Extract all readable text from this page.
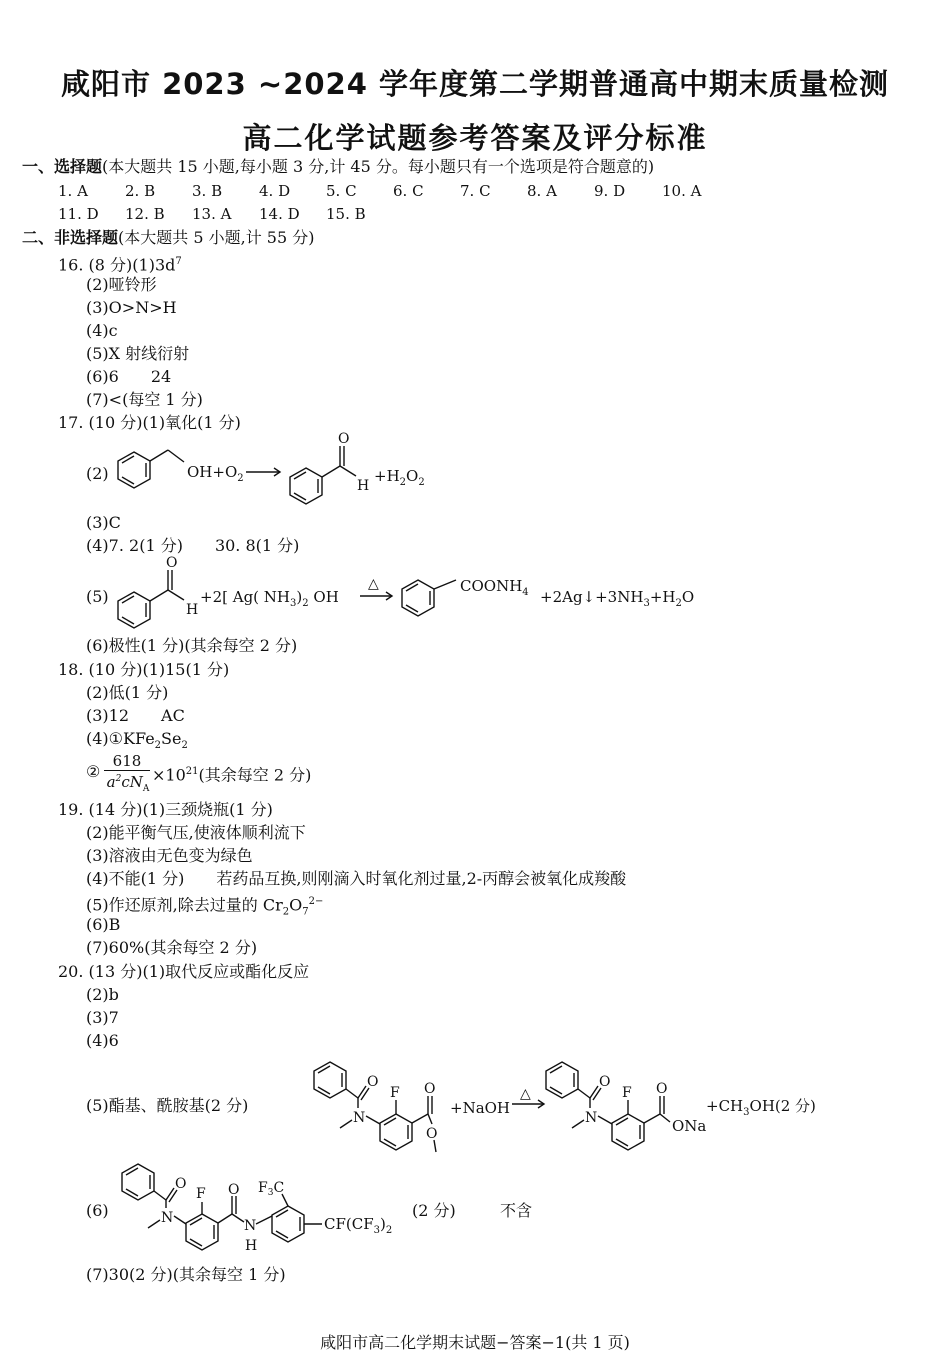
咸阳市 2023 ~2024 学年度第二学期普通高中期末质量检测
高二化学试题参考答案及评分标准
一、选择题(本大题共 15 小题,每小题 3 分,计 45 分。每小题只有一个选项是符合题意的)
1. A 2. B 3. B 4. D 5. C 6. C 7. C 8. A 9. D 10. A
11. D 12. B 13. A 14. D 15. B
二、非选择题(本大题共 5 小题,计 55 分)
16. (8 分)$(1)3d^7$
(2)哑铃形
(3)O>N>H
(4)c
(5)X 射线衍射
(6)6　　24
(7)<(每空 1 分)
17. (10 分)(1)氧化(1 分)
(2)
O
H
$OH+O_2$	$+H_2O_2$
(3)C
(4)7. 2(1 分)　　30. 8(1 分)
(5)
O
H
△
+2[ Ag( $NH_3)_2$ OH
$COONH_4$ $+2Ag↓+3NH_3+H_2O$
(6)极性(1 分)(其余每空 2 分)
18. (10 分)(1)15(1 分)
(2)低(1 分)
(3)12　　AC
$(4)①KFe_2Se_2$
②
618
$a^2cN_A$
$\times 10^{21}$(其余每空 2 分)
19. (14 分)(1)三颈烧瓶(1 分)
(2)能平衡气压,使液体顺利流下
(3)溶液由无色变为绿色
(4)不能(1 分)　　若药品互换,则刚滴入时氧化剂过量,2-丙醇会被氧化成羧酸
(5)作还原剂,除去过量的 $Cr_2O_7^{2-}$
(6)B
(7)60%(其余每空 2 分)
20. (13 分)(1)取代反应或酯化反应
(2)b
(3)7
(4)6
(5)酯基、酰胺基(2 分)
O
N
F O
O
△
O
N
F O
+NaOH
ONa
$+CH_3OH(2$ 分)
(6)
O
N
F O
N
H
$F_3C$
$CF(CF_3)_2$
(2 分)	不含
(7)30(2 分)(其余每空 1 分)
咸阳市高二化学期末试题−答案−1(共 1 页)
